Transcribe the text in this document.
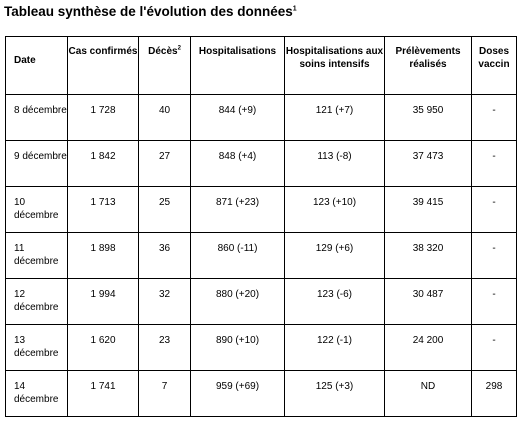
Tableau synthèse de l'évolution des données$^1$
Date	Cas confirmés	Décès$^2$	Hospitalisations	Hospitalisations aux soins intensifs	Prélèvements réalisés	Doses vaccin
8 décembre	1 728	40	844 (+9)	121 (+7)	35 950	-
9 décembre	1 842	27	848 (+4)	113 (-8)	37 473	-
10 décembre	1 713	25	871 (+23)	123 (+10)	39 415	-
11 décembre	1 898	36	860 (-11)	129 (+6)	38 320	-
12 décembre	1 994	32	880 (+20)	123 (-6)	30 487	-
13 décembre	1 620	23	890 (+10)	122 (-1)	24 200	-
14 décembre	1 741	7	959 (+69)	125 (+3)	ND	298
